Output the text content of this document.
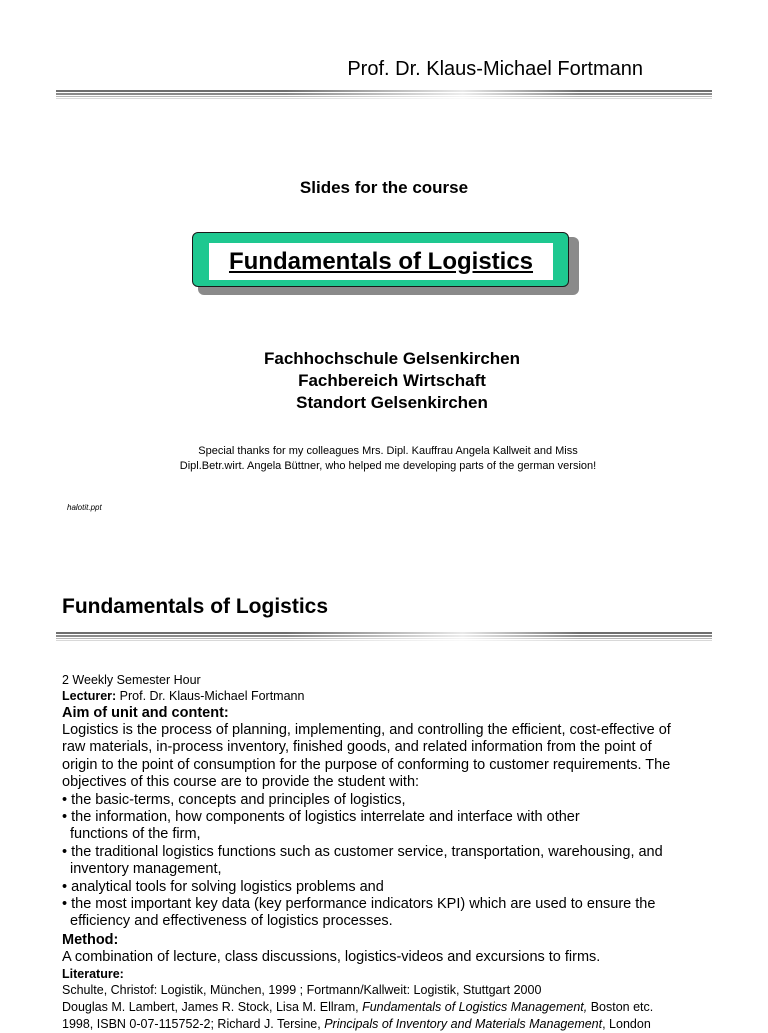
Prof. Dr. Klaus-Michael Fortmann
Slides for the course
Fundamentals of Logistics
Fachhochschule Gelsenkirchen
Fachbereich Wirtschaft
Standort Gelsenkirchen
Special thanks for my colleagues Mrs. Dipl. Kauffrau Angela Kallweit and Miss
Dipl.Betr.wirt. Angela Büttner, who helped me developing parts of the german version!
halotit.ppt
Fundamentals of Logistics
2 Weekly Semester Hour
Lecturer: Prof. Dr. Klaus-Michael Fortmann
Aim of unit and content:
Logistics is the process of planning, implementing, and controlling the efficient, cost-effective of
raw materials, in-process inventory, finished goods, and related information from the point of
origin to the point of consumption for the purpose of conforming to customer requirements. The
objectives of this course are to provide the student with:
• the basic-terms, concepts and principles of logistics,
• the information, how components of logistics interrelate and interface with other
functions of the firm,
• the traditional logistics functions such as customer service, transportation, warehousing, and
inventory management,
• analytical tools for solving logistics problems and
• the most important key data (key performance indicators KPI) which are used to ensure the
efficiency and effectiveness of logistics processes.
Method:
A combination of lecture, class discussions, logistics-videos and excursions to firms.
Literature:
Schulte, Christof: Logistik, München, 1999 ; Fortmann/Kallweit: Logistik, Stuttgart 2000
Douglas M. Lambert, James R. Stock, Lisa M. Ellram, Fundamentals of Logistics Management, Boston etc.
1998, ISBN 0-07-115752-2; Richard J. Tersine, Principals of Inventory and Materials Management, London
